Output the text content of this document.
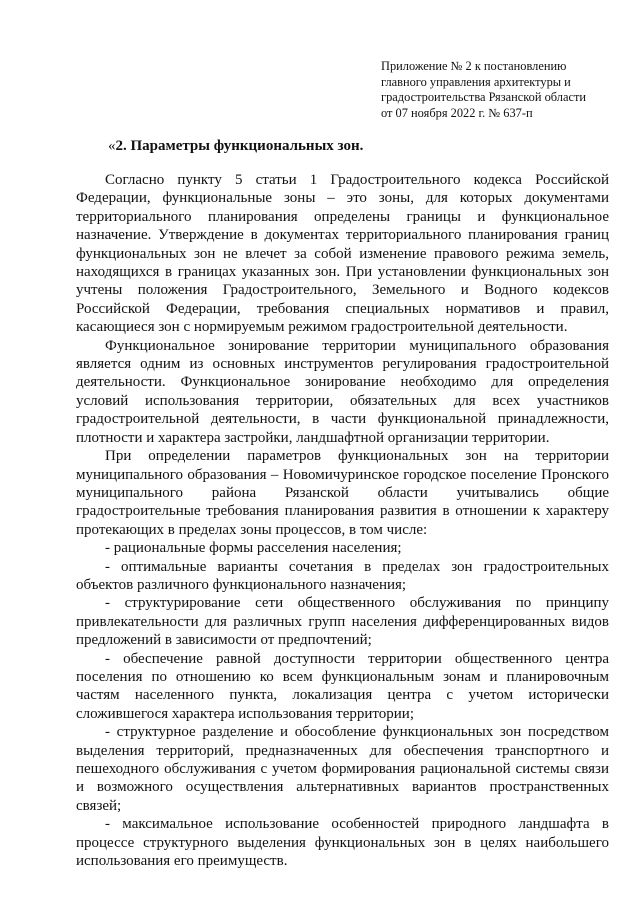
Приложение № 2 к постановлению
главного управления архитектуры и
градостроительства Рязанской области
от 07 ноября 2022 г. № 637-п
«2. Параметры функциональных зон.

Согласно пункту 5 статьи 1 Градостроительного кодекса Российской Федерации, функциональные зоны – это зоны, для которых документами территориального планирования определены границы и функциональное назначение. Утверждение в документах территориального планирования границ функциональных зон не влечет за собой изменение правового режима земель, находящихся в границах указанных зон. При установлении функциональных зон учтены положения Градостроительного, Земельного и Водного кодексов Российской Федерации, требования специальных нормативов и правил, касающиеся зон с нормируемым режимом градостроительной деятельности.

Функциональное зонирование территории муниципального образования является одним из основных инструментов регулирования градостроительной деятельности. Функциональное зонирование необходимо для определения условий использования территории, обязательных для всех участников градостроительной деятельности, в части функциональной принадлежности, плотности и характера застройки, ландшафтной организации территории.

При определении параметров функциональных зон на территории муниципального образования – Новомичуринское городское поселение Пронского муниципального района Рязанской области учитывались общие градостроительные требования планирования развития в отношении к характеру протекающих в пределах зоны процессов, в том числе:

- рациональные формы расселения населения;

- оптимальные варианты сочетания в пределах зон градостроительных объектов различного функционального назначения;

- структурирование сети общественного обслуживания по принципу привлекательности для различных групп населения дифференцированных видов предложений в зависимости от предпочтений;

- обеспечение равной доступности территории общественного центра поселения по отношению ко всем функциональным зонам и планировочным частям населенного пункта, локализация центра с учетом исторически сложившегося характера использования территории;

- структурное разделение и обособление функциональных зон посредством выделения территорий, предназначенных для обеспечения транспортного и пешеходного обслуживания с учетом формирования рациональной системы связи и возможного осуществления альтернативных вариантов пространственных связей;

- максимальное использование особенностей природного ландшафта в процессе структурного выделения функциональных зон в целях наибольшего использования его преимуществ.
